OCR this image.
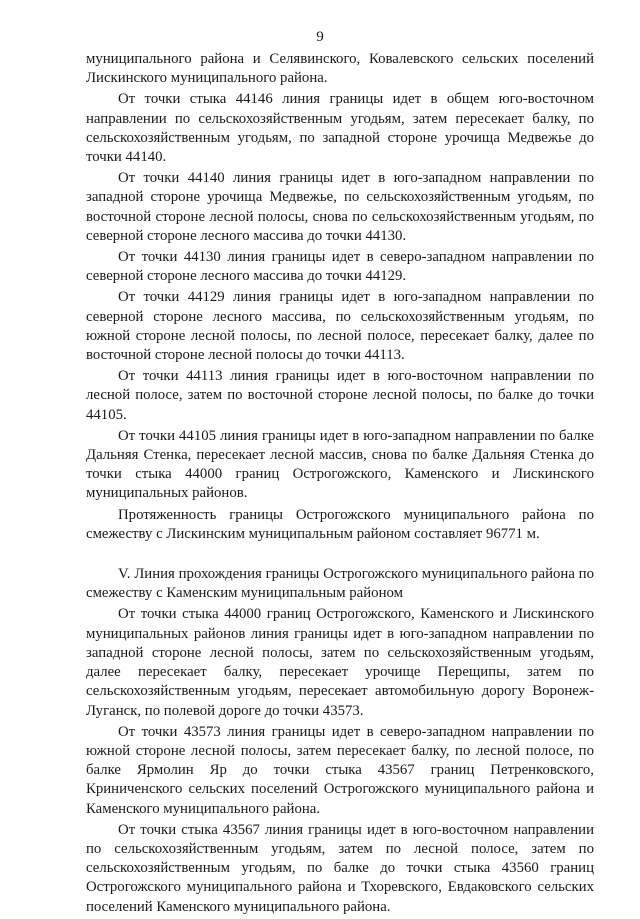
9

муниципального района и Селявинского, Ковалевского сельских поселений Лискинского муниципального района.

От точки стыка 44146 линия границы идет в общем юго-восточном направлении по сельскохозяйственным угодьям, затем пересекает балку, по сельскохозяйственным угодьям, по западной стороне урочища Медвежье до точки 44140.

От точки 44140 линия границы идет в юго-западном направлении по западной стороне урочища Медвежье, по сельскохозяйственным угодьям, по восточной стороне лесной полосы, снова по сельскохозяйственным угодьям, по северной стороне лесного массива до точки 44130.

От точки 44130 линия границы идет в северо-западном направлении по северной стороне лесного массива до точки 44129.

От точки 44129 линия границы идет в юго-западном направлении по северной стороне лесного массива, по сельскохозяйственным угодьям, по южной стороне лесной полосы, по лесной полосе, пересекает балку, далее по восточной стороне лесной полосы до точки 44113.

От точки 44113 линия границы идет в юго-восточном направлении по лесной полосе, затем по восточной стороне лесной полосы, по балке до точки 44105.

От точки 44105 линия границы идет в юго-западном направлении по балке Дальняя Стенка, пересекает лесной массив, снова по балке Дальняя Стенка до точки стыка 44000 границ Острогожского, Каменского и Лискинского муниципальных районов.

Протяженность границы Острогожского муниципального района по смежеству с Лискинским муниципальным районом составляет 96771 м.

V. Линия прохождения границы Острогожского муниципального района по смежеству с Каменским муниципальным районом

От точки стыка 44000 границ Острогожского, Каменского и Лискинского муниципальных районов линия границы идет в юго-западном направлении по западной стороне лесной полосы, затем по сельскохозяйственным угодьям, далее пересекает балку, пересекает урочище Перещипы, затем по сельскохозяйственным угодьям, пересекает автомобильную дорогу Воронеж-Луганск, по полевой дороге до точки 43573.

От точки 43573 линия границы идет в северо-западном направлении по южной стороне лесной полосы, затем пересекает балку, по лесной полосе, по балке Ярмолин Яр до точки стыка 43567 границ Петренковского, Криниченского сельских поселений Острогожского муниципального района и Каменского муниципального района.

От точки стыка 43567 линия границы идет в юго-восточном направлении по сельскохозяйственным угодьям, затем по лесной полосе, затем по сельскохозяйственным угодьям, по балке до точки стыка 43560 границ Острогожского муниципального района и Тхоревского, Евдаковского сельских поселений Каменского муниципального района.
